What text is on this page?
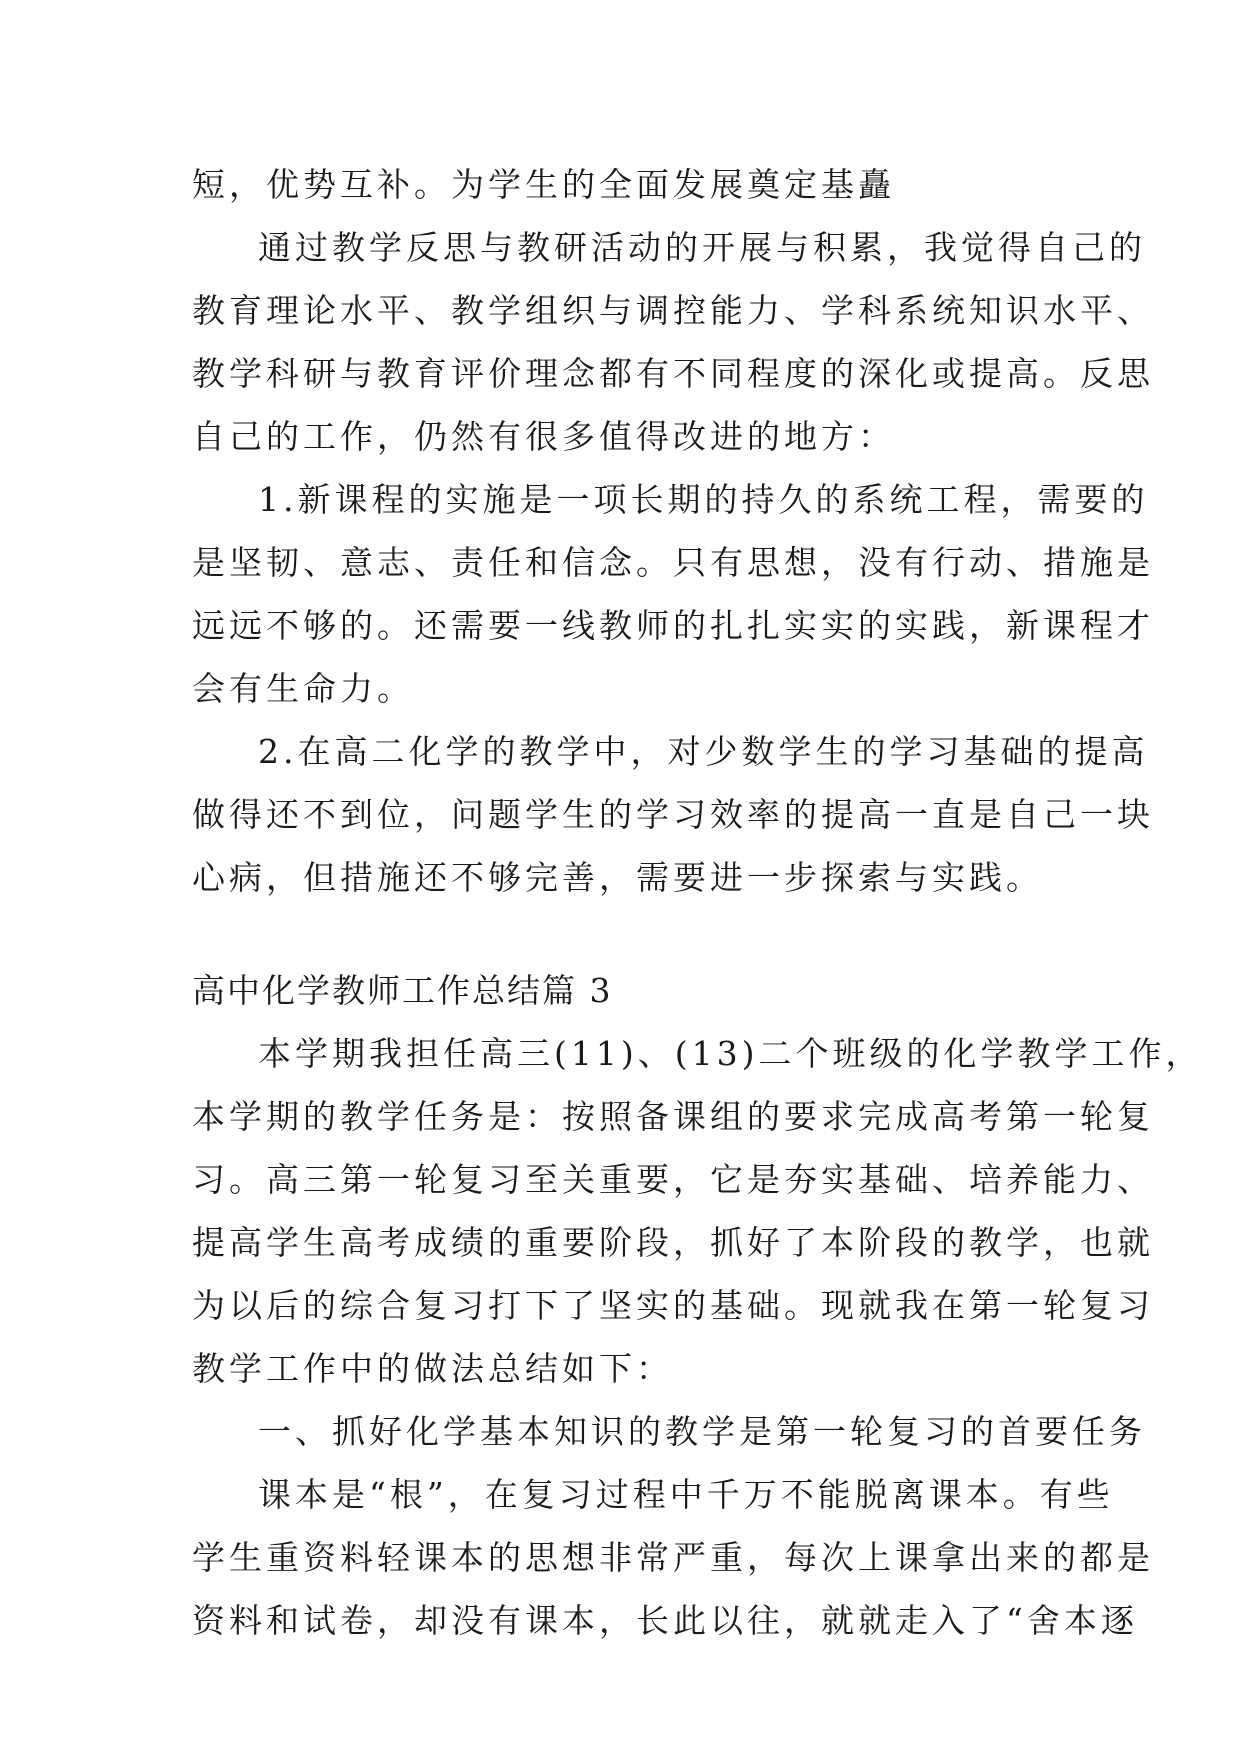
短，优势互补。为学生的全面发展奠定基矗
通过教学反思与教研活动的开展与积累，我觉得自己的
教育理论水平、教学组织与调控能力、学科系统知识水平、
教学科研与教育评价理念都有不同程度的深化或提高。反思
自己的工作，仍然有很多值得改进的地方：
1.新课程的实施是一项长期的持久的系统工程，需要的
是坚韧、意志、责任和信念。只有思想，没有行动、措施是
远远不够的。还需要一线教师的扎扎实实的实践，新课程才
会有生命力。
2.在高二化学的教学中，对少数学生的学习基础的提高
做得还不到位，问题学生的学习效率的提高一直是自己一块
心病，但措施还不够完善，需要进一步探索与实践。
高中化学教师工作总结篇 3
本学期我担任高三(11)、(13)二个班级的化学教学工作，
本学期的教学任务是：按照备课组的要求完成高考第一轮复
习。高三第一轮复习至关重要，它是夯实基础、培养能力、
提高学生高考成绩的重要阶段，抓好了本阶段的教学，也就
为以后的综合复习打下了坚实的基础。现就我在第一轮复习
教学工作中的做法总结如下：
一、抓好化学基本知识的教学是第一轮复习的首要任务
课本是“根”，在复习过程中千万不能脱离课本。有些
学生重资料轻课本的思想非常严重，每次上课拿出来的都是
资料和试卷，却没有课本，长此以往，就就走入了“舍本逐
